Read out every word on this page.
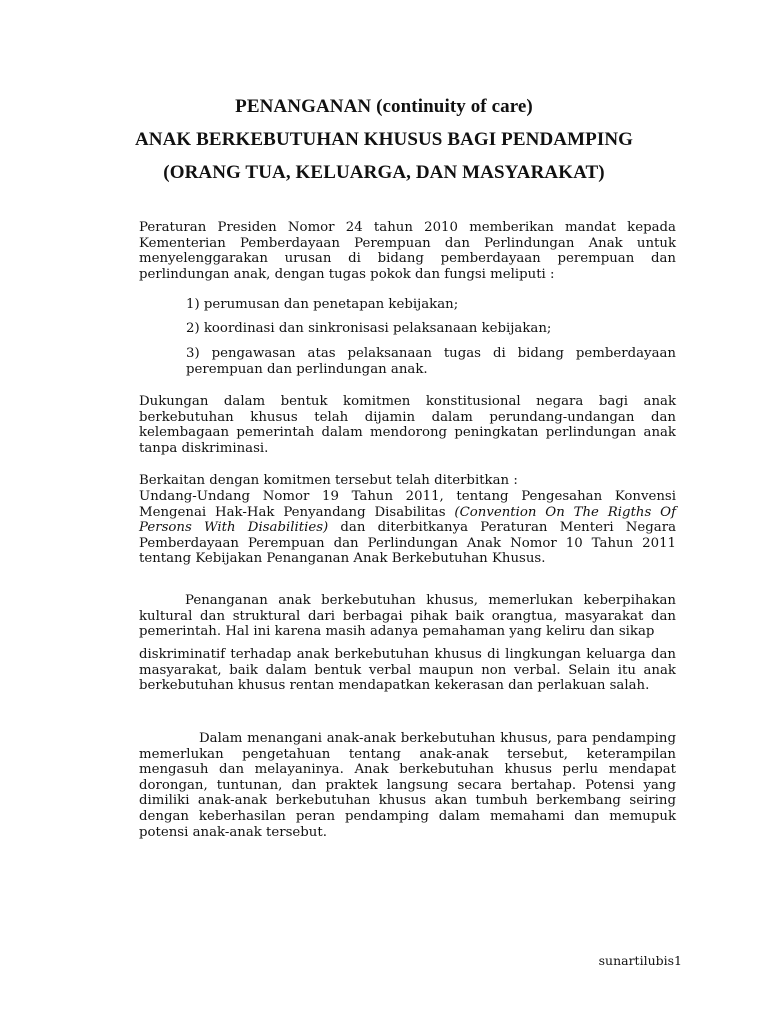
PENANGANAN (continuity of care)
ANAK BERKEBUTUHAN KHUSUS BAGI PENDAMPING
(ORANG TUA, KELUARGA, DAN MASYARAKAT)

Peraturan Presiden Nomor 24 tahun 2010 memberikan mandat kepada Kementerian Pemberdayaan Perempuan dan Perlindungan Anak untuk menyelenggarakan urusan di bidang pemberdayaan perempuan dan perlindungan anak, dengan tugas pokok dan fungsi meliputi :

1) perumusan dan penetapan kebijakan;

2) koordinasi dan sinkronisasi pelaksanaan kebijakan;

3) pengawasan atas pelaksanaan tugas di bidang pemberdayaan perempuan dan perlindungan anak.

Dukungan dalam bentuk komitmen konstitusional negara bagi anak berkebutuhan khusus telah dijamin dalam perundang-undangan dan kelembagaan pemerintah dalam mendorong peningkatan perlindungan anak tanpa diskriminasi.

Berkaitan dengan komitmen tersebut telah diterbitkan :

Undang-Undang Nomor 19 Tahun 2011, tentang Pengesahan Konvensi Mengenai Hak-Hak Penyandang Disabilitas (Convention On The Rigths Of Persons With Disabilities) dan diterbitkanya Peraturan Menteri Negara Pemberdayaan Perempuan dan Perlindungan Anak Nomor 10 Tahun 2011 tentang Kebijakan Penanganan Anak Berkebutuhan Khusus.

Penanganan anak berkebutuhan khusus, memerlukan keberpihakan kultural dan struktural dari berbagai pihak baik orangtua, masyarakat dan pemerintah. Hal ini karena masih adanya pemahaman yang keliru dan sikap

diskriminatif terhadap anak berkebutuhan khusus di lingkungan keluarga dan masyarakat, baik dalam bentuk verbal maupun non verbal. Selain itu anak berkebutuhan khusus rentan mendapatkan kekerasan dan perlakuan salah.

Dalam menangani anak-anak berkebutuhan khusus, para pendamping memerlukan pengetahuan tentang anak-anak tersebut, keterampilan mengasuh dan melayaninya. Anak berkebutuhan khusus perlu mendapat dorongan, tuntunan, dan praktek langsung secara bertahap. Potensi yang dimiliki anak-anak berkebutuhan khusus akan tumbuh berkembang seiring dengan keberhasilan peran pendamping dalam memahami dan memupuk potensi anak-anak tersebut.

sunartilubis1
